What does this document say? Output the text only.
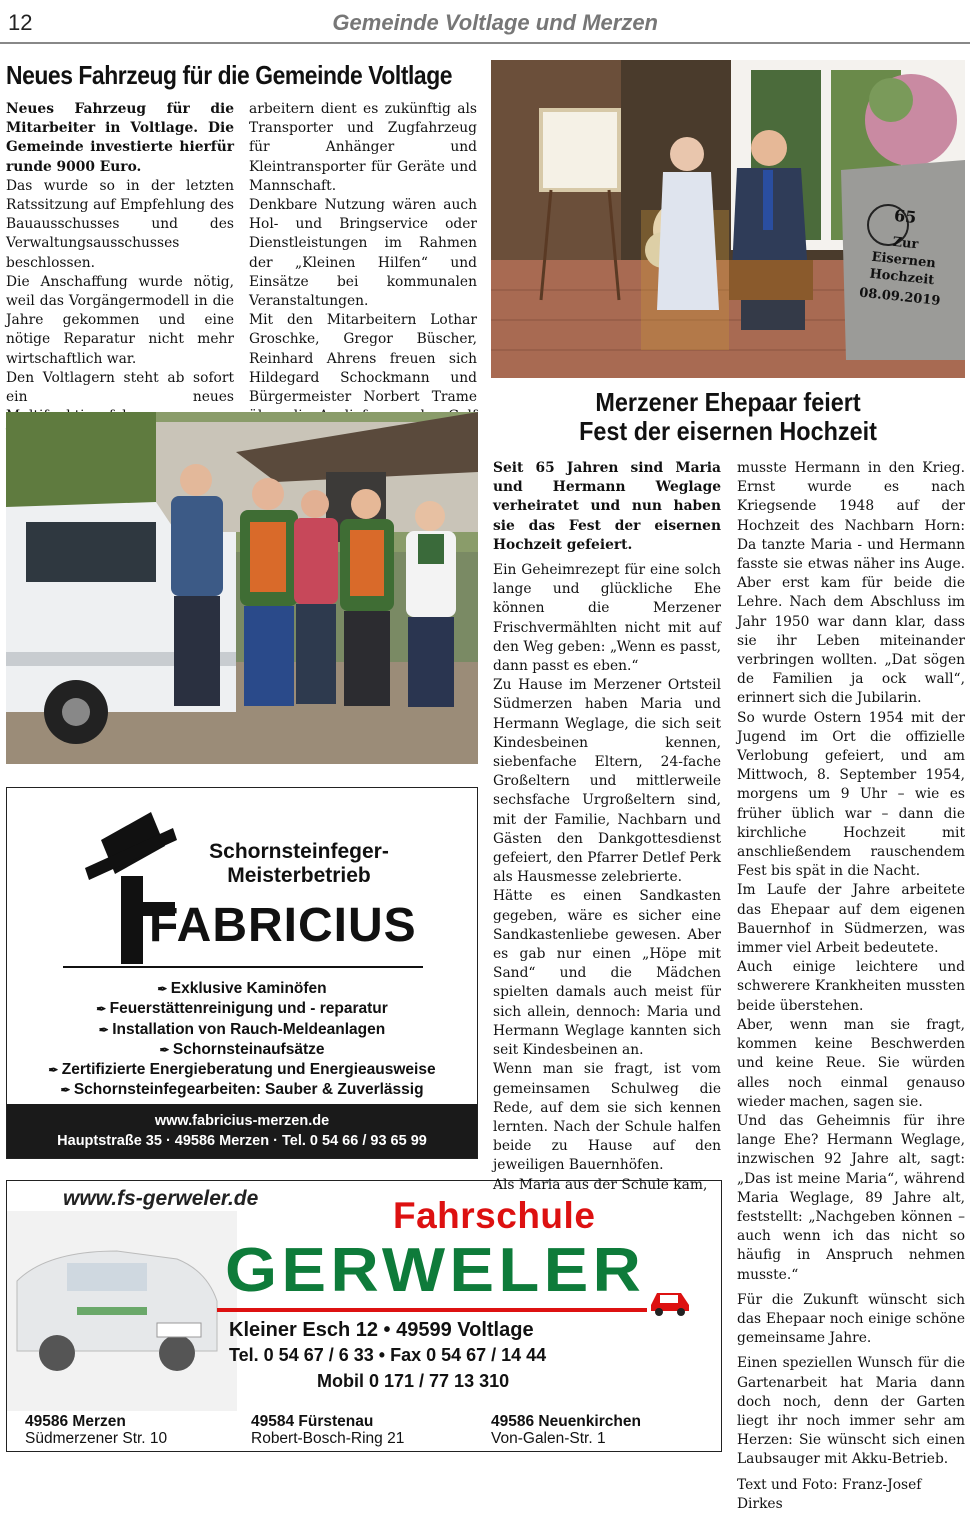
12	Gemeinde Voltlage und Merzen
Neues Fahrzeug für die Gemeinde Voltlage

Neues Fahrzeug für die Mitarbeiter in Voltlage. Die Gemeinde investierte hierfür runde 9000 Euro.

Das wurde so in der letzten Ratssitzung auf Empfehlung des Bauausschusses und des Verwaltungsausschusses beschlossen.

Die Anschaffung wurde nötig, weil das Vorgängermodell in die Jahre gekommen und eine nötige Reparatur nicht mehr wirtschaftlich war.

Den Voltlagern steht ab sofort ein neues

arbeitern dient es zukünftig als Transporter und Zugfahrzeug für Anhänger und Kleintransporter für Geräte und Mannschaft.

Denkbare Nutzung wären auch Hol- und Bringservice oder Dienstleistungen im Rahmen der „Kleinen Hilfen“ und Einsätze bei kommunalen Veranstaltungen.

Mit den Mitarbeitern Lothar Groschke, Gregor Büscher, Reinhard Ahrens freuen sich Hildegard Schockmann und Bürgermeister Norbert Trame

65
Zur
Eisernen
Hochzeit
08.09.2019
Schornsteinfeger-
Meisterbetrieb
FABRICIUS
✒ Exklusive Kaminöfen
✒ Feuerstättenreinigung und - reparatur
✒ Installation von Rauch-Meldeanlagen
✒ Schornsteinaufsätze
✒ Zertifizierte Energieberatung und Energieausweise
✒ Schornsteinfegearbeiten: Sauber & Zuverlässig
www.fabricius-merzen.de
Hauptstraße 35 · 49586 Merzen · Tel. 0 54 66 / 93 65 99
www.fs-gerweler.de	Fahrschule
GERWELER
Kleiner Esch 12 • 49599 Voltlage
Tel. 0 54 67 / 6 33 • Fax 0 54 67 / 14 44
Mobil 0 171 / 77 13 310
49586 Merzen
Südmerzener Str. 10
49584 Fürstenau
Robert-Bosch-Ring 21
49586 Neuenkirchen
Von-Galen-Str. 1
Merzener Ehepaar feiert
Fest der eisernen Hochzeit

Seit 65 Jahren sind Maria und Hermann Weglage verheiratet und nun haben sie das Fest der eisernen Hochzeit gefeiert.

Ein Geheimrezept für eine solch lange und glückliche Ehe können die Merzener Frischvermählten nicht mit auf den Weg geben: „Wenn es passt, dann passt es eben.“

Zu Hause im Merzener Ortsteil Südmerzen haben Maria und Hermann Weglage, die sich seit Kindesbeinen kennen, siebenfache Eltern, 24-fache Großeltern und mittlerweile sechsfache Urgroßeltern sind, mit der Familie, Nachbarn und Gästen den Dankgottesdienst gefeiert, den Pfarrer Detlef Perk als Hausmesse zelebrierte.

Hätte es einen Sandkasten gegeben, wäre es sicher eine Sandkastenliebe gewesen. Aber es gab nur einen „Höpe mit Sand“ und die Mädchen spielten damals auch meist für sich allein, dennoch: Maria und Hermann Weglage kannten sich seit Kindesbeinen an.

Wenn man sie fragt, ist vom gemeinsamen Schulweg die Rede, auf dem sie sich kennen lernten. Nach der Schule halfen beide zu Hause auf den jeweiligen Bauernhöfen.

Als Maria aus der Schule kam,

musste Hermann in den Krieg. Ernst wurde es nach Kriegsende 1948 auf der Hochzeit des Nachbarn Horn: Da tanzte Maria - und Hermann fasste sie etwas näher ins Auge. Aber erst kam für beide die Lehre. Nach dem Abschluss im Jahr 1950 war dann klar, dass sie ihr Leben miteinander verbringen wollten. „Dat sögen de Familien ja ock wall“, erinnert sich die Jubilarin.

So wurde Ostern 1954 mit der Jugend im Ort die offizielle Verlobung gefeiert, und am Mittwoch, 8. September 1954, morgens um 9 Uhr – wie es früher üblich war – dann die kirchliche Hochzeit mit anschließendem rauschendem Fest bis spät in die Nacht.

Im Laufe der Jahre arbeitete das Ehepaar auf dem eigenen Bauernhof in Südmerzen, was immer viel Arbeit bedeutete.

Auch einige leichtere und schwerere Krankheiten mussten beide überstehen.

Aber, wenn man sie fragt, kommen keine Beschwerden und keine Reue. Sie würden alles noch einmal genauso wieder machen, sagen sie.

Und das Geheimnis für ihre lange Ehe? Hermann Weglage, inzwischen 92 Jahre alt, sagt: „Das ist meine Maria“, während Maria Weglage, 89 Jahre alt, feststellt: „Nachgeben können – auch wenn ich das nicht so häufig in Anspruch nehmen musste.“

Für die Zukunft wünscht sich das Ehepaar noch einige schöne gemeinsame Jahre.

Einen speziellen Wunsch für die Gartenarbeit hat Maria dann doch noch, denn der Garten liegt ihr noch immer sehr am Herzen: Sie wünscht sich einen Laubsauger mit Akku-Betrieb.

Text und Foto: Franz-Josef Dirkes
